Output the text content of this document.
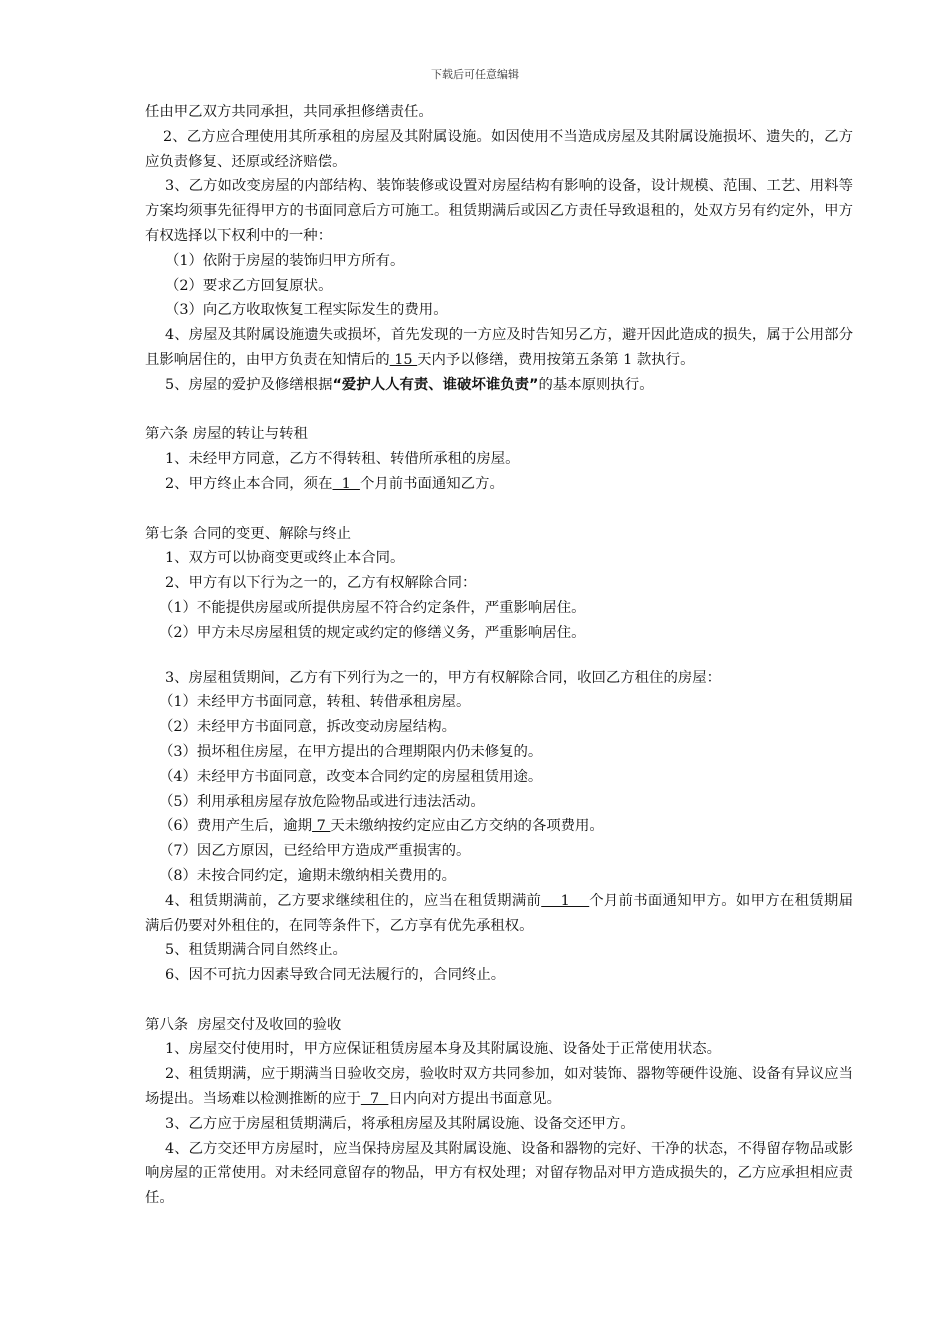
下载后可任意编辑
任由甲乙双方共同承担，共同承担修缮责任。
2、乙方应合理使用其所承租的房屋及其附属设施。如因使用不当造成房屋及其附属设施损坏、遗失的，乙方应负责修复、还原或经济赔偿。
3、乙方如改变房屋的内部结构、装饰装修或设置对房屋结构有影响的设备，设计规模、范围、工艺、用料等方案均须事先征得甲方的书面同意后方可施工。租赁期满后或因乙方责任导致退租的，处双方另有约定外，甲方有权选择以下权利中的一种：
（1）依附于房屋的装饰归甲方所有。
（2）要求乙方回复原状。
（3）向乙方收取恢复工程实际发生的费用。
4、房屋及其附属设施遗失或损坏，首先发现的一方应及时告知另乙方，避开因此造成的损失，属于公用部分且影响居住的，由甲方负责在知情后的 15 天内予以修缮，费用按第五条第 1 款执行。
5、房屋的爱护及修缮根据“爱护人人有责、谁破坏谁负责”的基本原则执行。
第六条 房屋的转让与转租
1、未经甲方同意，乙方不得转租、转借所承租的房屋。
2、甲方终止本合同，须在  1  个月前书面通知乙方。
第七条 合同的变更、解除与终止
1、双方可以协商变更或终止本合同。
2、甲方有以下行为之一的，乙方有权解除合同：
（1）不能提供房屋或所提供房屋不符合约定条件，严重影响居住。
（2）甲方未尽房屋租赁的规定或约定的修缮义务，严重影响居住。
3、房屋租赁期间，乙方有下列行为之一的，甲方有权解除合同，收回乙方租住的房屋：
（1）未经甲方书面同意，转租、转借承租房屋。
（2）未经甲方书面同意，拆改变动房屋结构。
（3）损坏租住房屋，在甲方提出的合理期限内仍未修复的。
（4）未经甲方书面同意，改变本合同约定的房屋租赁用途。
（5）利用承租房屋存放危险物品或进行违法活动。
（6）费用产生后，逾期 7 天未缴纳按约定应由乙方交纳的各项费用。
（7）因乙方原因，已经给甲方造成严重损害的。
（8）未按合同约定，逾期未缴纳相关费用的。
4、租赁期满前，乙方要求继续租住的，应当在租赁期满前    1    个月前书面通知甲方。如甲方在租赁期届满后仍要对外租住的，在同等条件下，乙方享有优先承租权。
5、租赁期满合同自然终止。
6、因不可抗力因素导致合同无法履行的，合同终止。
第八条  房屋交付及收回的验收
1、房屋交付使用时，甲方应保证租赁房屋本身及其附属设施、设备处于正常使用状态。
2、租赁期满，应于期满当日验收交房，验收时双方共同参加，如对装饰、器物等硬件设施、设备有异议应当场提出。当场难以检测推断的应于  7  日内向对方提出书面意见。
3、乙方应于房屋租赁期满后，将承租房屋及其附属设施、设备交还甲方。
4、乙方交还甲方房屋时，应当保持房屋及其附属设施、设备和器物的完好、干净的状态，不得留存物品或影响房屋的正常使用。对未经同意留存的物品，甲方有权处理；对留存物品对甲方造成损失的，乙方应承担相应责任。
